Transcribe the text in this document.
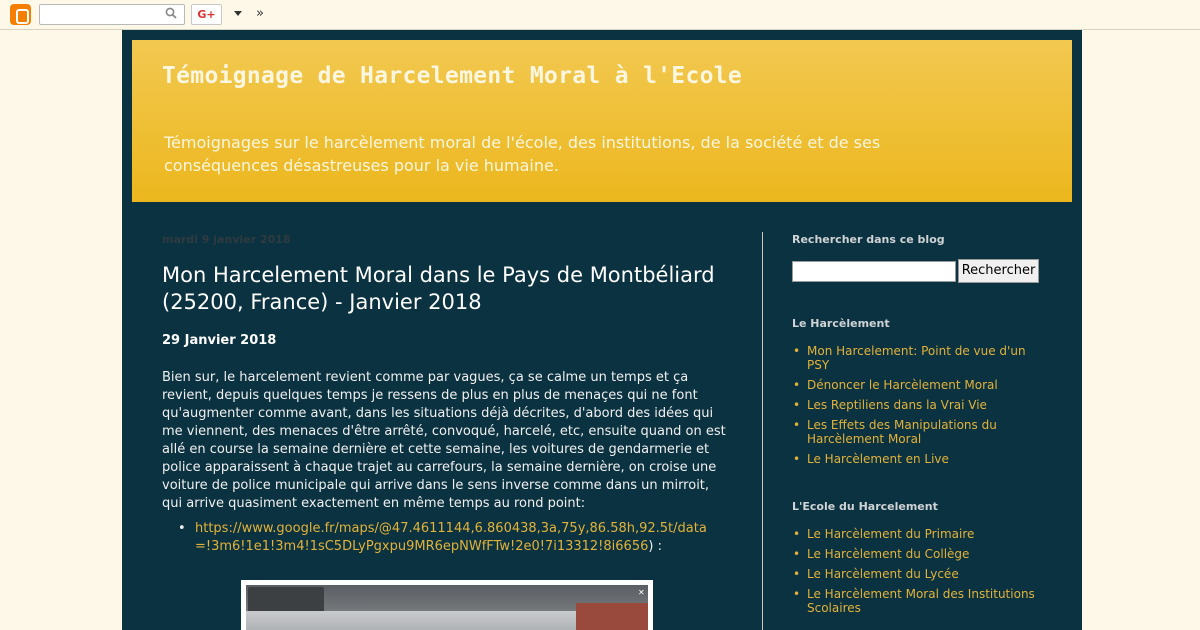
G+	»
Témoignage de Harcelement Moral à l'Ecole
Témoignages sur le harcèlement moral de l'école, des institutions, de la société et de ses conséquences désastreuses pour la vie humaine.
mardi 9 janvier 2018
Mon Harcelement Moral dans le Pays de Montbéliard (25200, France) - Janvier 2018
29 Janvier 2018
Bien sur, le harcelement revient comme par vagues, ça se calme un temps et ça revient, depuis quelques temps je ressens de plus en plus de menaçes qui ne font qu'augmenter comme avant, dans les situations déjà décrites, d'abord des idées qui me viennent, des menaces d'être arrêté, convoqué, harcelé, etc, ensuite quand on est allé en course la semaine dernière et cette semaine, les voitures de gendarmerie et police apparaissent à chaque trajet au carrefours, la semaine dernière, on croise une voiture de police municipale qui arrive dans le sens inverse comme dans un mirroit, qui arrive quasiment exactement en même temps au rond point:
• https://www.google.fr/maps/@47.4611144,6.860438,3a,75y,86.58h,92.5t/data=!3m6!1e1!3m4!1sC5DLyPgxpu9MR6epNWfFTw!2e0!7i13312!8i6656) :
✕
Rechercher dans ce blog
Rechercher
Le Harcèlement
• Mon Harcelement: Point de vue d'un PSY
• Dénoncer le Harcèlement Moral
• Les Reptiliens dans la Vrai Vie
• Les Effets des Manipulations du Harcèlement Moral
• Le Harcèlement en Live
L'Ecole du Harcelement
• Le Harcèlement du Primaire
• Le Harcèlement du Collège
• Le Harcèlement du Lycée
• Le Harcèlement Moral des Institutions Scolaires
